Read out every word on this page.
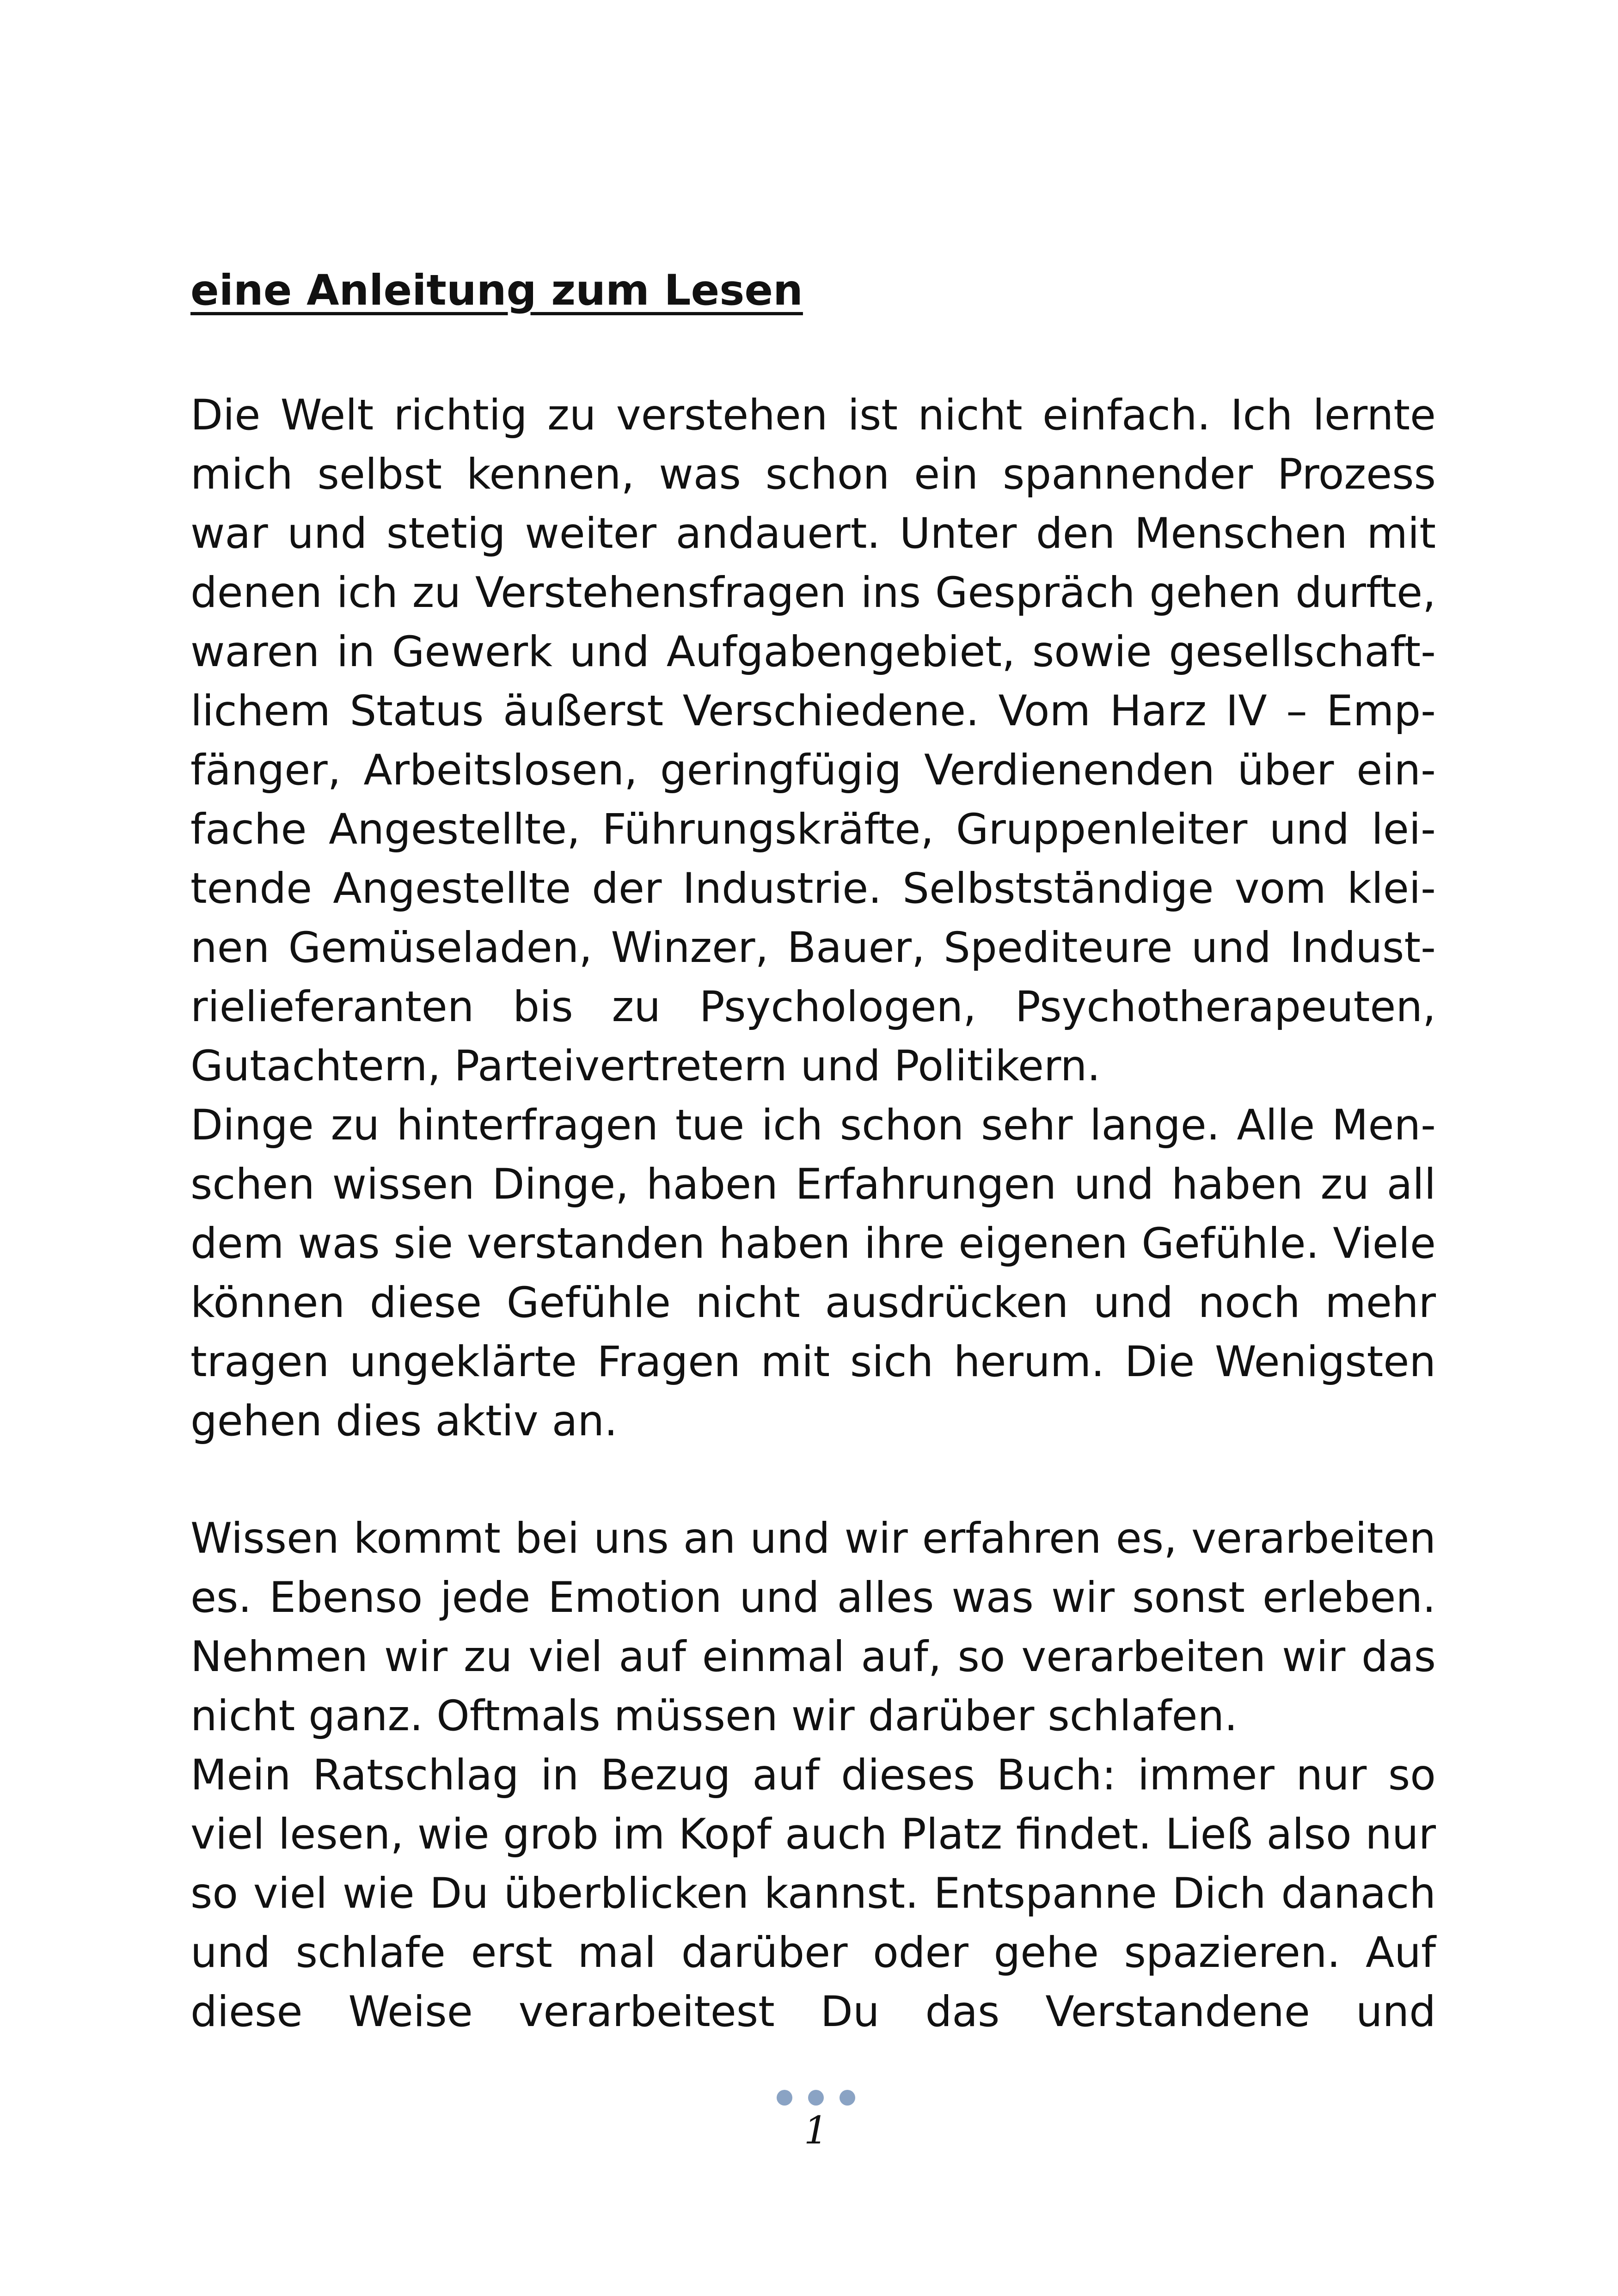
eine Anleitung zum Lesen

Die Welt richtig zu verstehen ist nicht einfach. Ich lernte mich selbst kennen, was schon ein spannender Prozess war und stetig weiter andauert. Unter den Menschen mit denen ich zu Verstehensfragen ins Gespräch gehen durfte, waren in Gewerk und Aufgabengebiet, sowie gesellschaftlichem Status äußerst Verschiedene. Vom Harz IV – Empfänger, Arbeitslosen, geringfügig Verdienenden über einfache Angestellte, Führungskräfte, Gruppenleiter und leitende Angestellte der Industrie. Selbstständige vom kleinen Gemüseladen, Winzer, Bauer, Spediteure und Industrielieferanten bis zu Psychologen, Psychotherapeuten, Gutachtern, Parteivertretern und Politikern.

Dinge zu hinterfragen tue ich schon sehr lange. Alle Menschen wissen Dinge, haben Erfahrungen und haben zu all dem was sie verstanden haben ihre eigenen Gefühle. Viele können diese Gefühle nicht ausdrücken und noch mehr tragen ungeklärte Fragen mit sich herum. Die Wenigsten gehen dies aktiv an.

Wissen kommt bei uns an und wir erfahren es, verarbeiten es. Ebenso jede Emotion und alles was wir sonst erleben. Nehmen wir zu viel auf einmal auf, so verarbeiten wir das nicht ganz. Oftmals müssen wir darüber schlafen.

Mein Ratschlag in Bezug auf dieses Buch: immer nur so viel lesen, wie grob im Kopf auch Platz findet. Ließ also nur so viel wie Du überblicken kannst. Entspanne Dich danach und schlafe erst mal darüber oder gehe spazieren. Auf diese Weise verarbeitest Du das Verstandene und

1
